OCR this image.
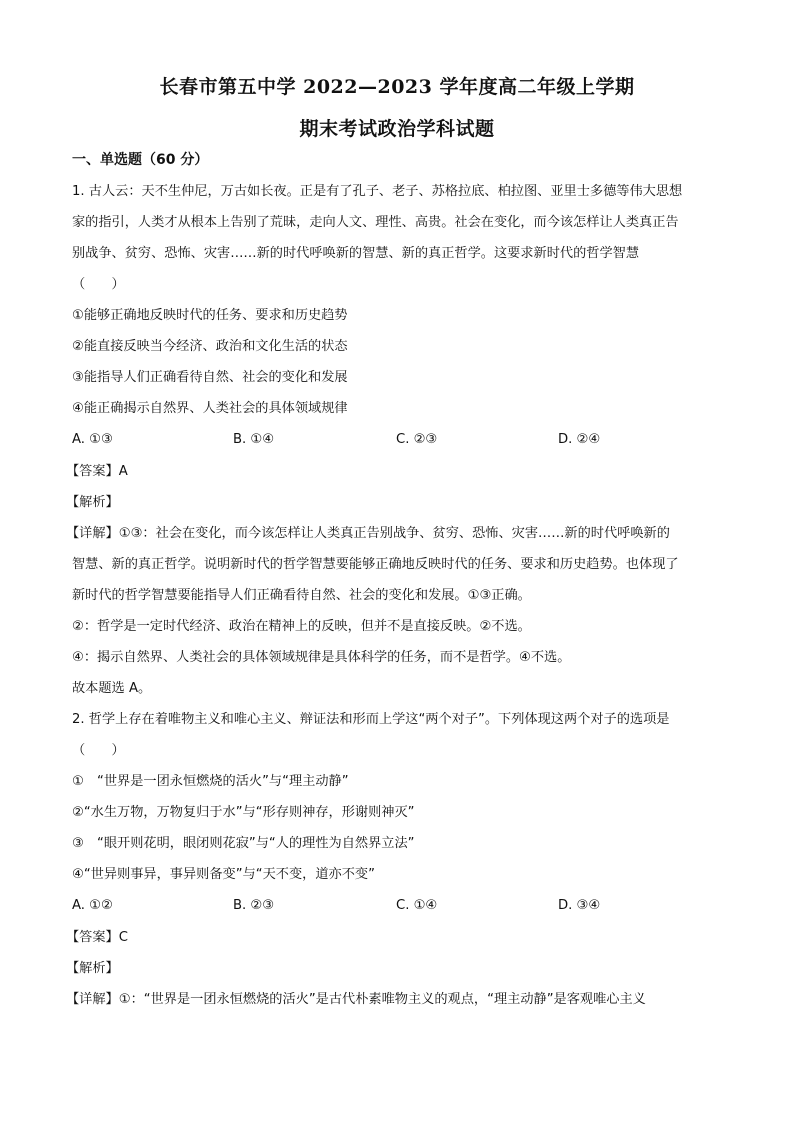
长春市第五中学 2022—2023 学年度高二年级上学期
期末考试政治学科试题
一、单选题（60 分）
1. 古人云：天不生仲尼，万古如长夜。正是有了孔子、老子、苏格拉底、柏拉图、亚里士多德等伟大思想
家的指引，人类才从根本上告别了荒昧，走向人文、理性、高贵。社会在变化，而今该怎样让人类真正告
别战争、贫穷、恐怖、灾害……新的时代呼唤新的智慧、新的真正哲学。这要求新时代的哲学智慧
（　　）
①能够正确地反映时代的任务、要求和历史趋势
②能直接反映当今经济、政治和文化生活的状态
③能指导人们正确看待自然、社会的变化和发展
④能正确揭示自然界、人类社会的具体领域规律
A. ①③	B. ①④	C. ②③	D. ②④
【答案】A
【解析】
【详解】①③：社会在变化，而今该怎样让人类真正告别战争、贫穷、恐怖、灾害……新的时代呼唤新的
智慧、新的真正哲学。说明新时代的哲学智慧要能够正确地反映时代的任务、要求和历史趋势。也体现了
新时代的哲学智慧要能指导人们正确看待自然、社会的变化和发展。①③正确。
②：哲学是一定时代经济、政治在精神上的反映，但并不是直接反映。②不选。
④：揭示自然界、人类社会的具体领域规律是具体科学的任务，而不是哲学。④不选。
故本题选 A。
2. 哲学上存在着唯物主义和唯心主义、辩证法和形而上学这“两个对子”。下列体现这两个对子的选项是
（　　）
①　“世界是一团永恒燃烧的活火”与“理主动静”
②“水生万物，万物复归于水”与“形存则神存，形谢则神灭”
③　“眼开则花明，眼闭则花寂”与“人的理性为自然界立法”
④“世异则事异，事异则备变”与“天不变，道亦不变”
A. ①②	B. ②③	C. ①④	D. ③④
【答案】C
【解析】
【详解】①：“世界是一团永恒燃烧的活火”是古代朴素唯物主义的观点，“理主动静”是客观唯心主义
